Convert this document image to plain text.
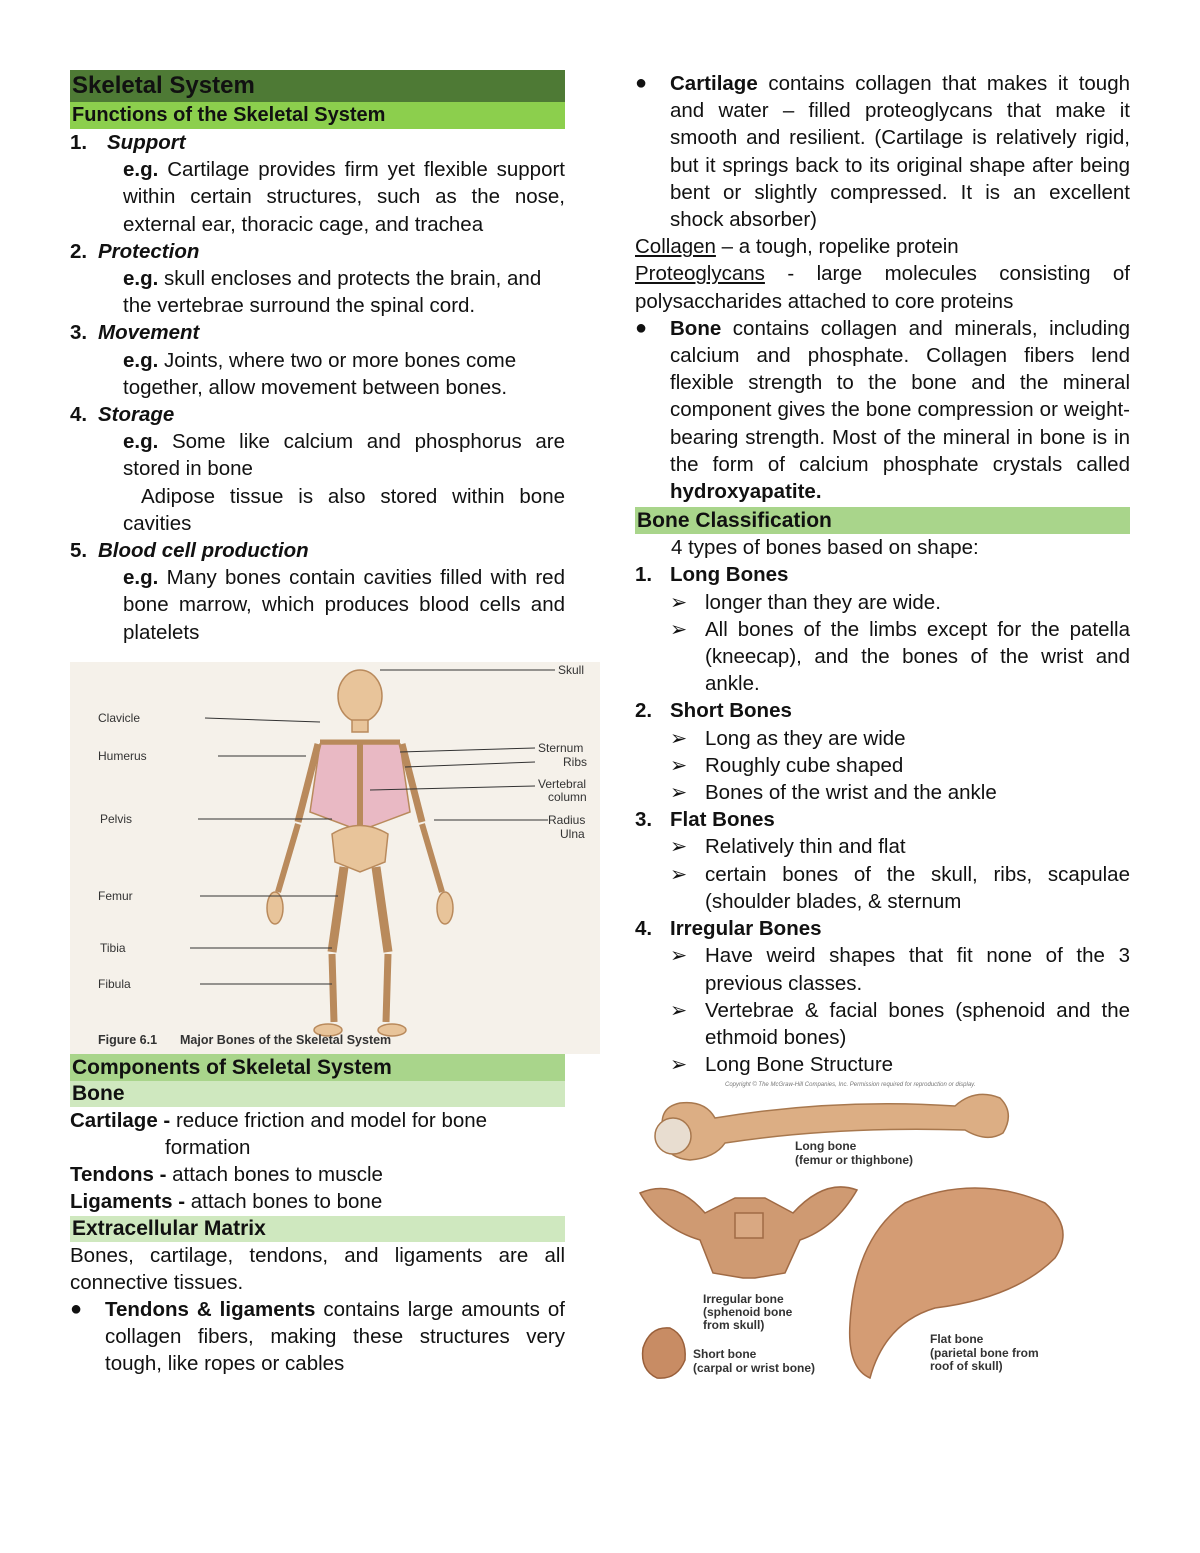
Skeletal System
Functions of the Skeletal System
1. Support
e.g. Cartilage provides firm yet flexible support within certain structures, such as the nose, external ear, thoracic cage, and trachea
2. Protection
e.g. skull encloses and protects the brain, and
the vertebrae surround the spinal cord.
3. Movement
e.g. Joints, where two or more bones come
together, allow movement between bones.
4. Storage
e.g. Some like calcium and phosphorus are stored in bone
Adipose tissue is also stored within bone cavities
5. Blood cell production
e.g. Many bones contain cavities filled with red bone marrow, which produces blood cells and platelets
Clavicle
Humerus
Pelvis
Femur
Tibia
Fibula
Skull
Sternum
Ribs
Vertebral
column
Radius
Ulna
Figure 6.1 Major Bones of the Skeletal System
Components of Skeletal System
Bone
Cartilage - reduce friction and model for bone
formation
Tendons - attach bones to muscle
Ligaments - attach bones to bone
Extracellular Matrix
Bones, cartilage, tendons, and ligaments are all connective tissues.
●	Tendons & ligaments contains large amounts of collagen fibers, making these structures very tough, like ropes or cables
●	Cartilage contains collagen that makes it tough and water – filled proteoglycans that make it smooth and resilient. (Cartilage is relatively rigid, but it springs back to its original shape after being bent or slightly compressed. It is an excellent shock absorber)
Collagen – a tough, ropelike protein
Proteoglycans - large molecules consisting of polysaccharides attached to core proteins
●	Bone contains collagen and minerals, including calcium and phosphate. Collagen fibers lend flexible strength to the bone and the mineral component gives the bone compression or weight-bearing strength. Most of the mineral in bone is in the form of calcium phosphate crystals called hydroxyapatite.
Bone Classification
4 types of bones based on shape:
1. Long Bones
➢ longer than they are wide.
➢ All bones of the limbs except for the patella (kneecap), and the bones of the wrist and ankle.
2. Short Bones
➢ Long as they are wide
➢ Roughly cube shaped
➢ Bones of the wrist and the ankle
3. Flat Bones
➢ Relatively thin and flat
➢ certain bones of the skull, ribs, scapulae (shoulder blades, & sternum
4. Irregular Bones
➢ Have weird shapes that fit none of the 3 previous classes.
➢ Vertebrae & facial bones (sphenoid and the ethmoid bones)
➢ Long Bone Structure
Copyright © The McGraw-Hill Companies, Inc. Permission required for reproduction or display.
Long bone
(femur or thighbone)
Irregular bone
(sphenoid bone
from skull)
Short bone
(carpal or wrist bone)
Flat bone
(parietal bone from
roof of skull)
